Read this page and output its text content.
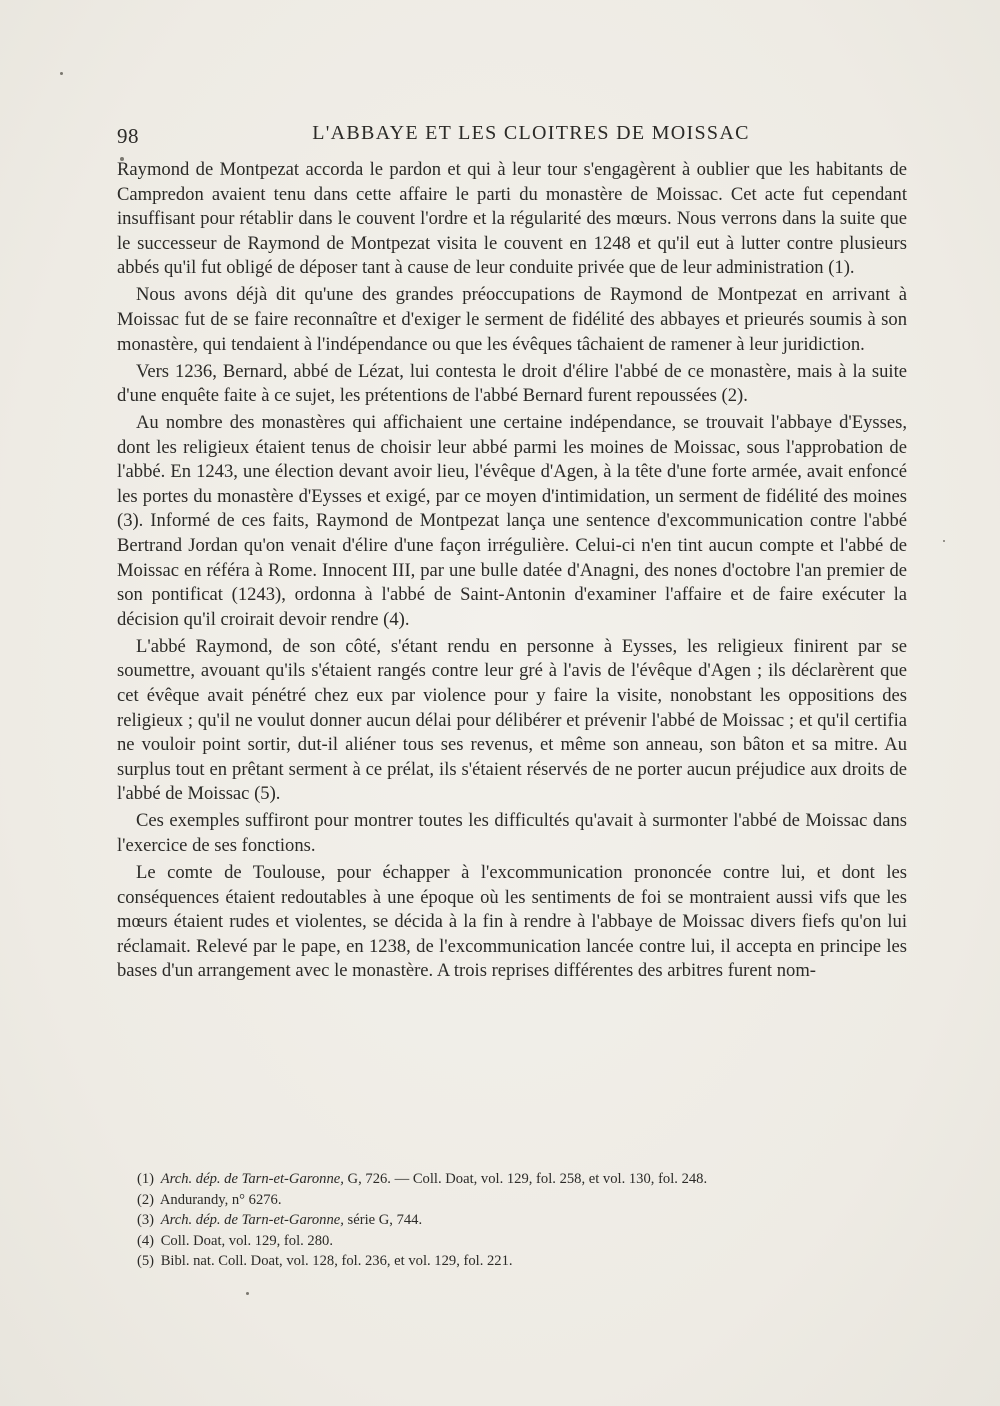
98	L'ABBAYE ET LES CLOITRES DE MOISSAC

Raymond de Montpezat accorda le pardon et qui à leur tour s'engagèrent à oublier que les habitants de Campredon avaient tenu dans cette affaire le parti du monastère de Moissac. Cet acte fut cependant insuffisant pour rétablir dans le couvent l'ordre et la régularité des mœurs. Nous verrons dans la suite que le successeur de Raymond de Montpezat visita le couvent en 1248 et qu'il eut à lutter contre plusieurs abbés qu'il fut obligé de déposer tant à cause de leur conduite privée que de leur administration (1).

Nous avons déjà dit qu'une des grandes préoccupations de Raymond de Montpezat en arrivant à Moissac fut de se faire reconnaître et d'exiger le serment de fidélité des abbayes et prieurés soumis à son monastère, qui tendaient à l'indépendance ou que les évêques tâchaient de ramener à leur juridiction.

Vers 1236, Bernard, abbé de Lézat, lui contesta le droit d'élire l'abbé de ce monastère, mais à la suite d'une enquête faite à ce sujet, les prétentions de l'abbé Bernard furent repoussées (2).

Au nombre des monastères qui affichaient une certaine indépendance, se trouvait l'abbaye d'Eysses, dont les religieux étaient tenus de choisir leur abbé parmi les moines de Moissac, sous l'approbation de l'abbé. En 1243, une élection devant avoir lieu, l'évêque d'Agen, à la tête d'une forte armée, avait enfoncé les portes du monastère d'Eysses et exigé, par ce moyen d'intimidation, un serment de fidélité des moines (3). Informé de ces faits, Raymond de Montpezat lança une sentence d'excommunication contre l'abbé Bertrand Jordan qu'on venait d'élire d'une façon irrégulière. Celui-ci n'en tint aucun compte et l'abbé de Moissac en référa à Rome. Innocent III, par une bulle datée d'Anagni, des nones d'octobre l'an premier de son pontificat (1243), ordonna à l'abbé de Saint-Antonin d'examiner l'affaire et de faire exécuter la décision qu'il croirait devoir rendre (4).

L'abbé Raymond, de son côté, s'étant rendu en personne à Eysses, les religieux finirent par se soumettre, avouant qu'ils s'étaient rangés contre leur gré à l'avis de l'évêque d'Agen ; ils déclarèrent que cet évêque avait pénétré chez eux par violence pour y faire la visite, nonobstant les oppositions des religieux ; qu'il ne voulut donner aucun délai pour délibérer et prévenir l'abbé de Moissac ; et qu'il certifia ne vouloir point sortir, dut-il aliéner tous ses revenus, et même son anneau, son bâton et sa mitre. Au surplus tout en prêtant serment à ce prélat, ils s'étaient réservés de ne porter aucun préjudice aux droits de l'abbé de Moissac (5).

Ces exemples suffiront pour montrer toutes les difficultés qu'avait à surmonter l'abbé de Moissac dans l'exercice de ses fonctions.

Le comte de Toulouse, pour échapper à l'excommunication prononcée contre lui, et dont les conséquences étaient redoutables à une époque où les sentiments de foi se montraient aussi vifs que les mœurs étaient rudes et violentes, se décida à la fin à rendre à l'abbaye de Moissac divers fiefs qu'on lui réclamait. Relevé par le pape, en 1238, de l'excommunication lancée contre lui, il accepta en principe les bases d'un arrangement avec le monastère. A trois reprises différentes des arbitres furent nom-

(1) Arch. dép. de Tarn-et-Garonne, G, 726. — Coll. Doat, vol. 129, fol. 258, et vol. 130, fol. 248.
(2) Andurandy, n° 6276.
(3) Arch. dép. de Tarn-et-Garonne, série G, 744.
(4) Coll. Doat, vol. 129, fol. 280.
(5) Bibl. nat. Coll. Doat, vol. 128, fol. 236, et vol. 129, fol. 221.
